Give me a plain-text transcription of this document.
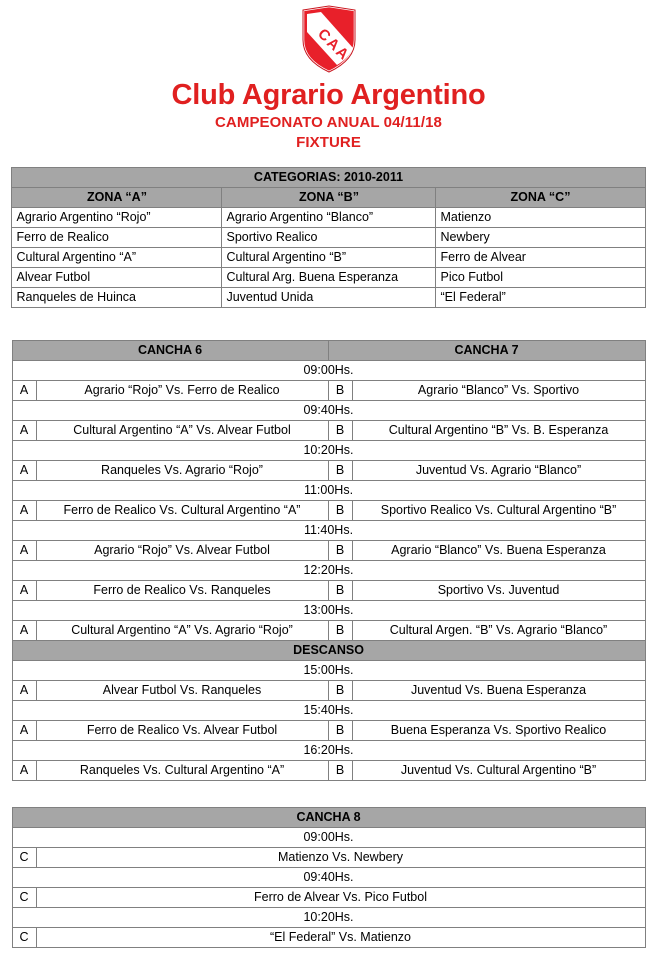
C
A
A
Club Agrario Argentino
CAMPEONATO ANUAL 04/11/18
FIXTURE
CATEGORIAS: 2010-2011		
ZONA “A”	ZONA “B”	ZONA “C”
Agrario Argentino “Rojo”	Agrario Argentino “Blanco”	Matienzo
Ferro de Realico	Sportivo Realico	Newbery
Cultural Argentino “A”	Cultural Argentino “B”	Ferro de Alvear
Alvear Futbol	Cultural Arg. Buena Esperanza	Pico Futbol
Ranqueles de Huinca	Juventud Unida	“El Federal”
CANCHA 6		CANCHA 7	
09:00Hs.			
A	Agrario “Rojo” Vs. Ferro de Realico	B	Agrario “Blanco” Vs. Sportivo
09:40Hs.			
A	Cultural Argentino “A” Vs. Alvear Futbol	B	Cultural Argentino “B” Vs. B. Esperanza
10:20Hs.			
A	Ranqueles Vs. Agrario “Rojo”	B	Juventud Vs. Agrario “Blanco”
11:00Hs.			
A	Ferro de Realico Vs. Cultural Argentino “A”	B	Sportivo Realico Vs. Cultural Argentino “B”
11:40Hs.			
A	Agrario “Rojo” Vs. Alvear Futbol	B	Agrario “Blanco” Vs. Buena Esperanza
12:20Hs.			
A	Ferro de Realico Vs. Ranqueles	B	Sportivo Vs. Juventud
13:00Hs.			
A	Cultural Argentino “A” Vs. Agrario “Rojo”	B	Cultural Argen. “B” Vs. Agrario “Blanco”
DESCANSO			
15:00Hs.			
A	Alvear Futbol Vs. Ranqueles	B	Juventud Vs. Buena Esperanza
15:40Hs.			
A	Ferro de Realico Vs. Alvear Futbol	B	Buena Esperanza Vs. Sportivo Realico
16:20Hs.			
A	Ranqueles Vs. Cultural Argentino “A”	B	Juventud Vs. Cultural Argentino “B”
CANCHA 8	
09:00Hs.	
C	Matienzo Vs. Newbery
09:40Hs.	
C	Ferro de Alvear Vs. Pico Futbol
10:20Hs.	
C	“El Federal” Vs. Matienzo
